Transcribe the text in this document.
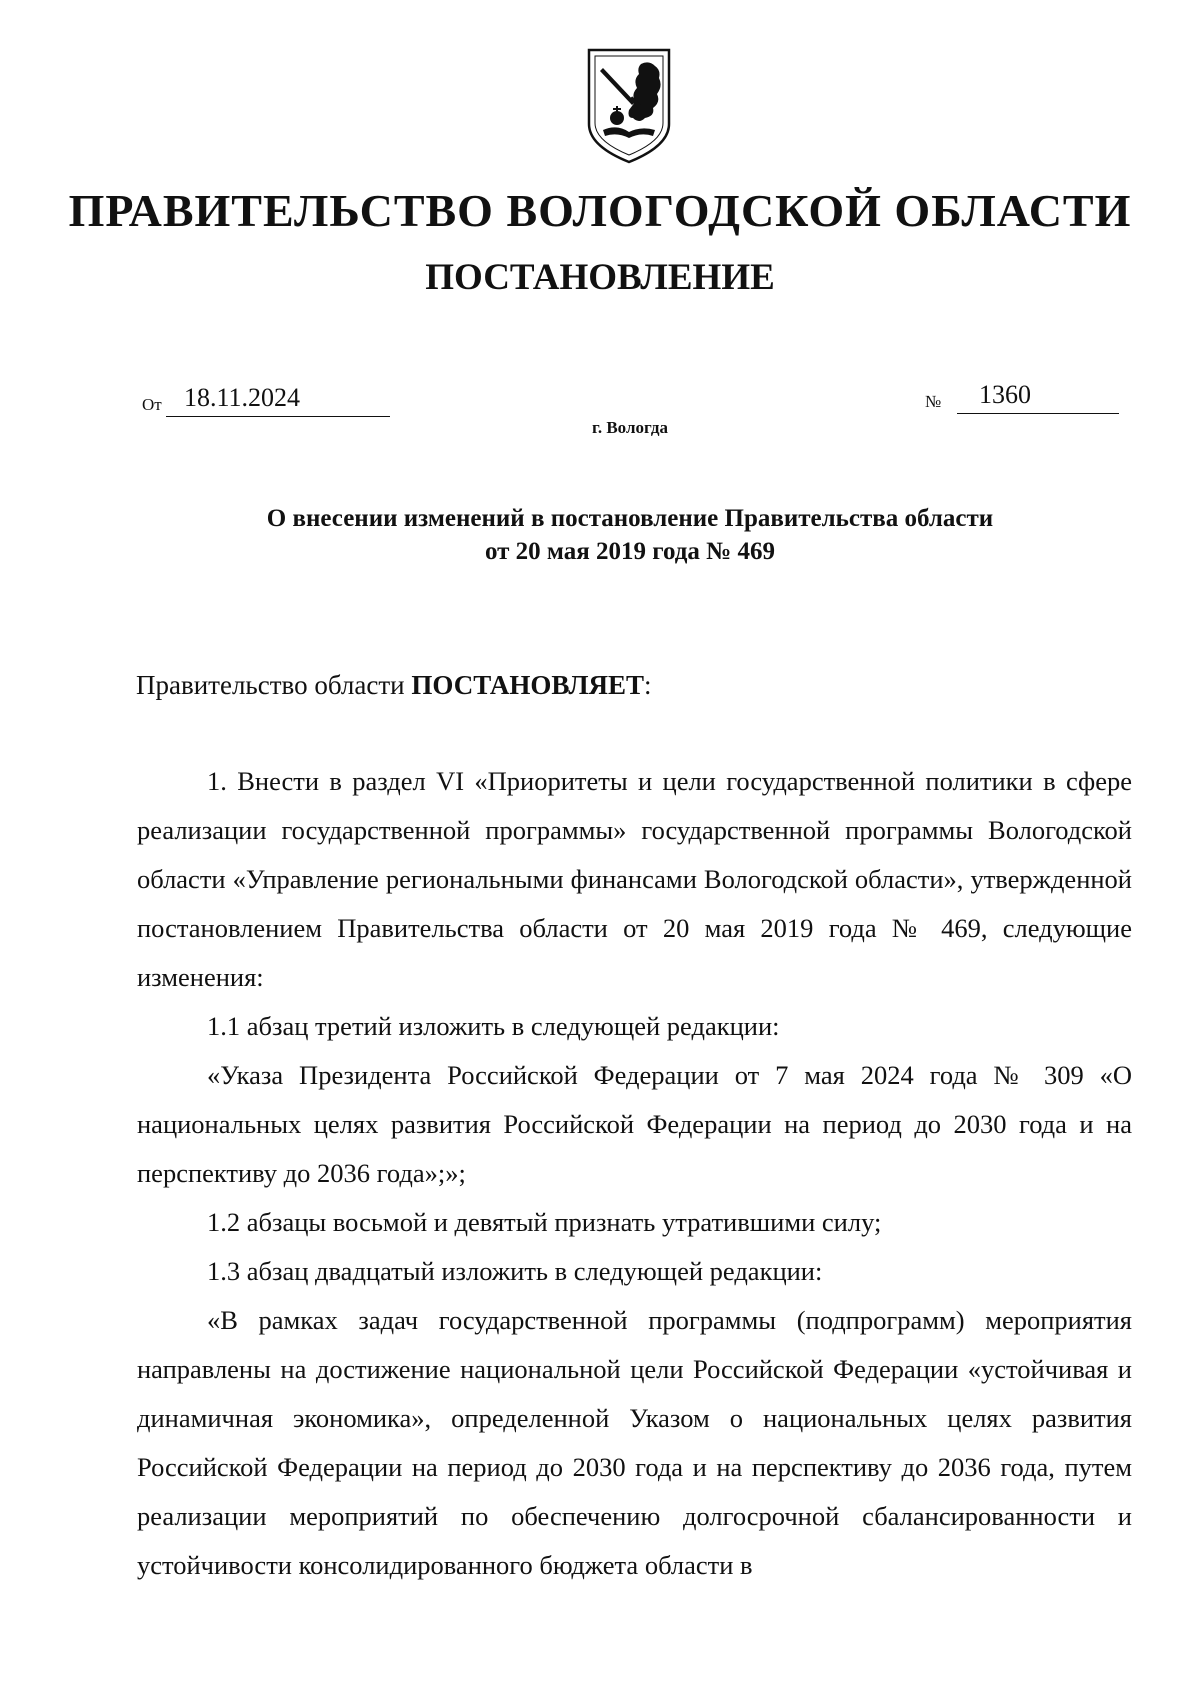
ПРАВИТЕЛЬСТВО ВОЛОГОДСКОЙ ОБЛАСТИ
ПОСТАНОВЛЕНИЕ
От 18.11.2024	№ 1360
г. Вологда
О внесении изменений в постановление Правительства области
от 20 мая 2019 года № 469
Правительство области ПОСТАНОВЛЯЕТ:

1. Внести в раздел VI «Приоритеты и цели государственной политики в сфере реализации государственной программы» государственной программы Вологодской области «Управление региональными финансами Вологодской области», утвержденной постановлением Правительства области от 20 мая 2019 года № 469, следующие изменения:

1.1 абзац третий изложить в следующей редакции:

«Указа Президента Российской Федерации от 7 мая 2024 года № 309 «О национальных целях развития Российской Федерации на период до 2030 года и на перспективу до 2036 года»;»;

1.2 абзацы восьмой и девятый признать утратившими силу;

1.3 абзац двадцатый изложить в следующей редакции:

«В рамках задач государственной программы (подпрограмм) мероприятия направлены на достижение национальной цели Российской Федерации «устойчивая и динамичная экономика», определенной Указом о национальных целях развития Российской Федерации на период до 2030 года и на перспективу до 2036 года, путем реализации мероприятий по обеспечению долгосрочной сбалансированности и устойчивости консолидированного бюджета области в
